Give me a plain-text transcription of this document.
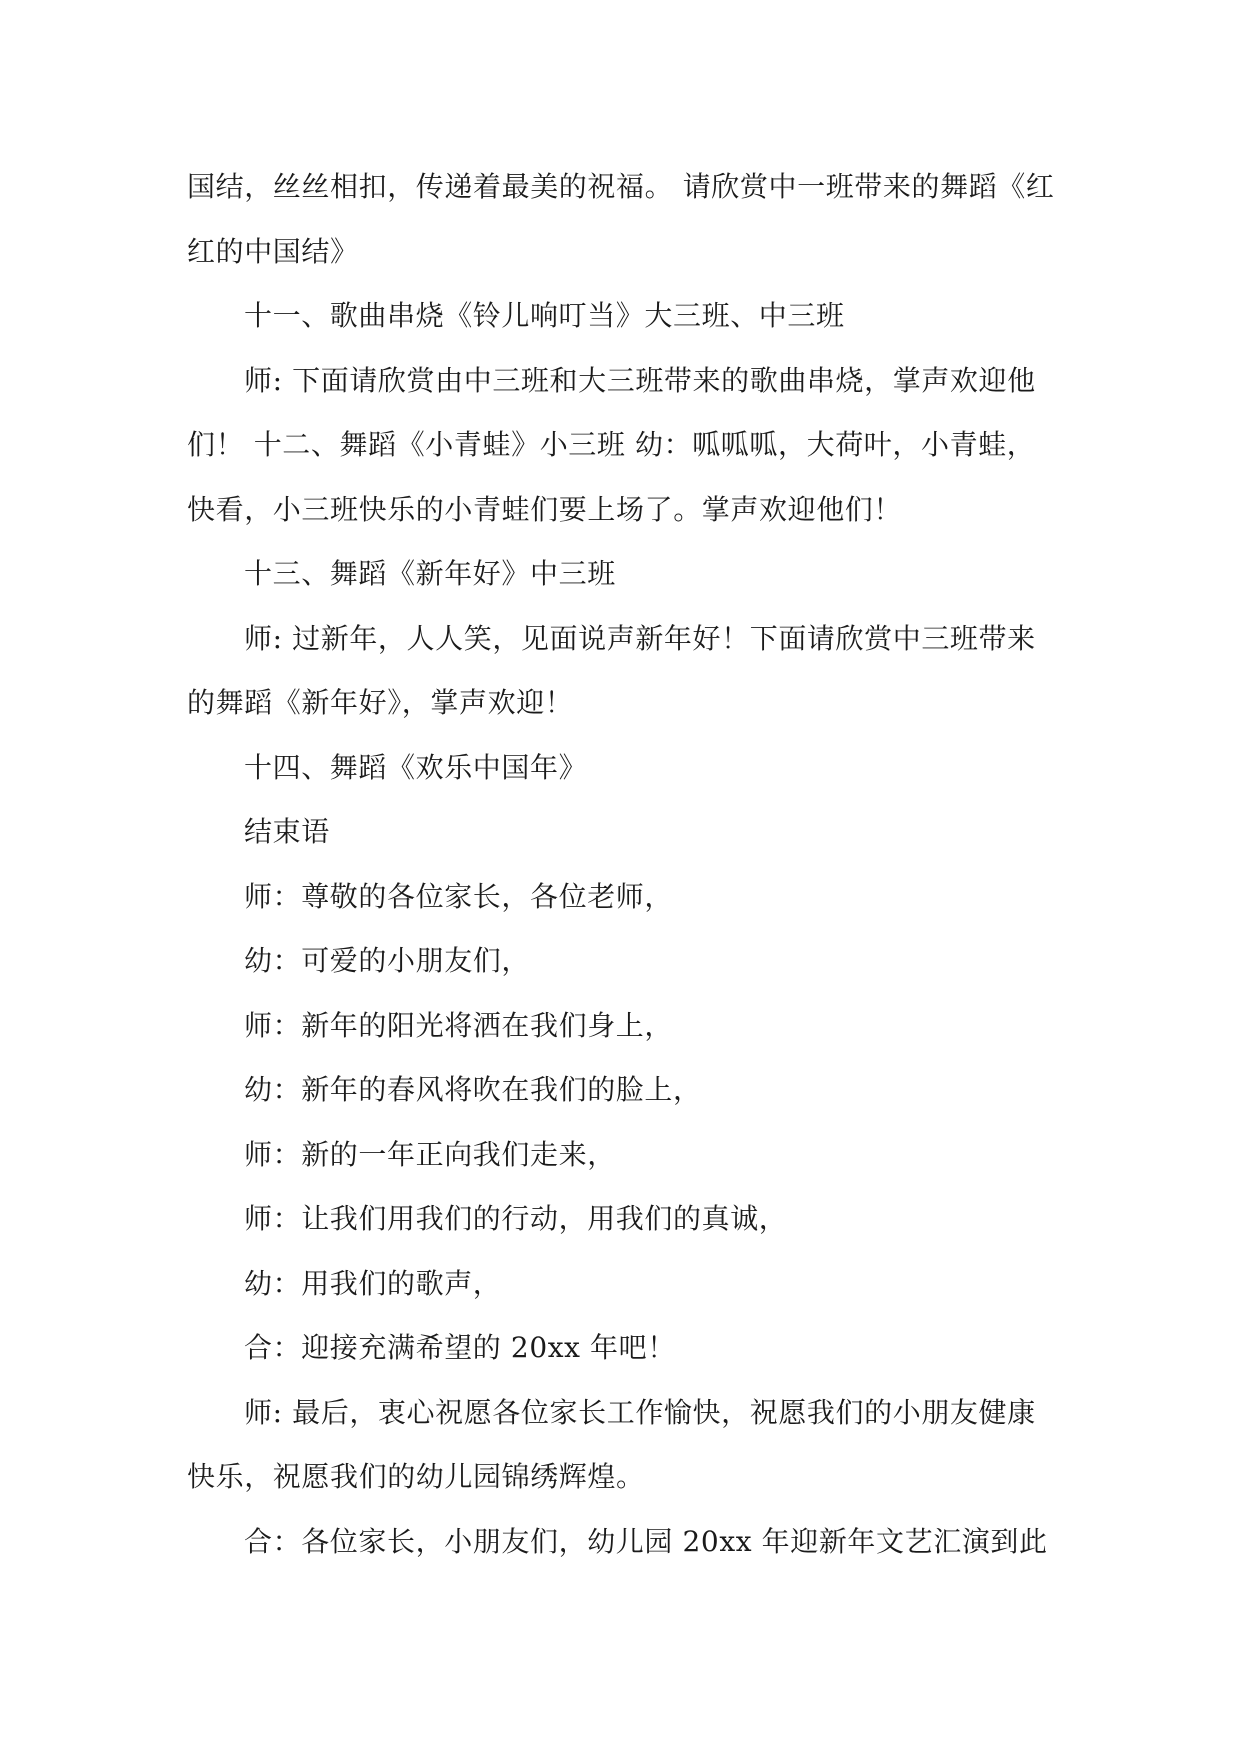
国结，丝丝相扣，传递着最美的祝福。 请欣赏中一班带来的舞蹈《红

红的中国结》

十一、歌曲串烧《铃儿响叮当》大三班、中三班

师: 下面请欣赏由中三班和大三班带来的歌曲串烧，掌声欢迎他

们！ 十二、舞蹈《小青蛙》小三班 幼：呱呱呱，大荷叶，小青蛙，

快看，小三班快乐的小青蛙们要上场了。掌声欢迎他们！

十三、舞蹈《新年好》中三班

师: 过新年，人人笑，见面说声新年好！下面请欣赏中三班带来

的舞蹈《新年好》，掌声欢迎！

十四、舞蹈《欢乐中国年》

结束语

师：尊敬的各位家长，各位老师，

幼：可爱的小朋友们，

师：新年的阳光将洒在我们身上，

幼：新年的春风将吹在我们的脸上，

师：新的一年正向我们走来，

师：让我们用我们的行动，用我们的真诚，

幼：用我们的歌声，

合：迎接充满希望的 20xx 年吧！

师: 最后，衷心祝愿各位家长工作愉快，祝愿我们的小朋友健康

快乐，祝愿我们的幼儿园锦绣辉煌。

合：各位家长，小朋友们，幼儿园 20xx 年迎新年文艺汇演到此
